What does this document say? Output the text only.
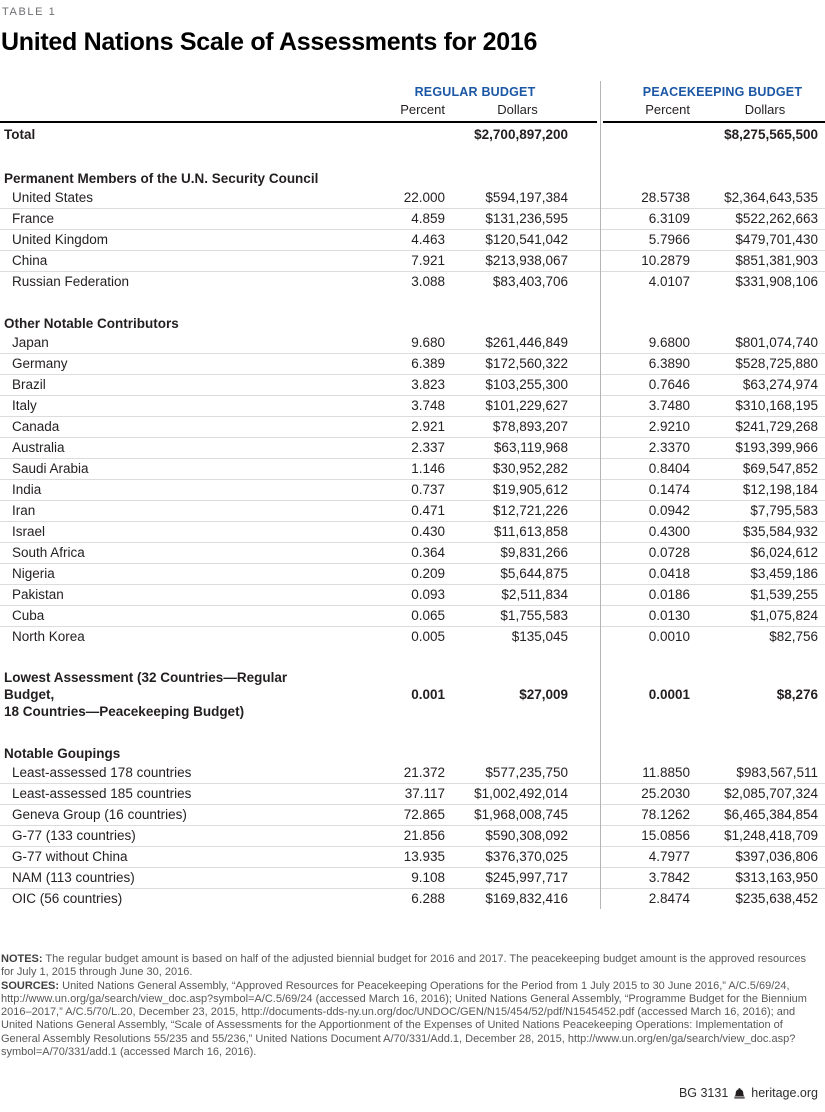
TABLE 1
United Nations Scale of Assessments for 2016
REGULAR BUDGET	PEACEKEEPING BUDGET
Percent	Dollars	Percent	Dollars
Total	$2,700,897,200	$8,275,565,500
Permanent Members of the U.N. Security Council
United States	22.000	$594,197,384	28.5738	$2,364,643,535
France	4.859	$131,236,595	6.3109	$522,262,663
United Kingdom	4.463	$120,541,042	5.7966	$479,701,430
China	7.921	$213,938,067	10.2879	$851,381,903
Russian Federation	3.088	$83,403,706	4.0107	$331,908,106
Other Notable Contributors
Japan	9.680	$261,446,849	9.6800	$801,074,740
Germany	6.389	$172,560,322	6.3890	$528,725,880
Brazil	3.823	$103,255,300	0.7646	$63,274,974
Italy	3.748	$101,229,627	3.7480	$310,168,195
Canada	2.921	$78,893,207	2.9210	$241,729,268
Australia	2.337	$63,119,968	2.3370	$193,399,966
Saudi Arabia	1.146	$30,952,282	0.8404	$69,547,852
India	0.737	$19,905,612	0.1474	$12,198,184
Iran	0.471	$12,721,226	0.0942	$7,795,583
Israel	0.430	$11,613,858	0.4300	$35,584,932
South Africa	0.364	$9,831,266	0.0728	$6,024,612
Nigeria	0.209	$5,644,875	0.0418	$3,459,186
Pakistan	0.093	$2,511,834	0.0186	$1,539,255
Cuba	0.065	$1,755,583	0.0130	$1,075,824
North Korea	0.005	$135,045	0.0010	$82,756
Lowest Assessment (32 Countries—Regular Budget,
18 Countries—Peacekeeping Budget)
0.001	$27,009	0.0001	$8,276
Notable Goupings
Least-assessed 178 countries	21.372	$577,235,750	11.8850	$983,567,511
Least-assessed 185 countries	37.117	$1,002,492,014	25.2030	$2,085,707,324
Geneva Group (16 countries)	72.865	$1,968,008,745	78.1262	$6,465,384,854
G-77 (133 countries)	21.856	$590,308,092	15.0856	$1,248,418,709
G-77 without China	13.935	$376,370,025	4.7977	$397,036,806
NAM (113 countries)	9.108	$245,997,717	3.7842	$313,163,950
OIC (56 countries)	6.288	$169,832,416	2.8474	$235,638,452

NOTES: The regular budget amount is based on half of the adjusted biennial budget for 2016 and 2017. The peacekeeping budget amount is the approved resources for July 1, 2015 through June 30, 2016.

SOURCES: United Nations General Assembly, “Approved Resources for Peacekeeping Operations for the Period from 1 July 2015 to 30 June 2016,” A/C.5/69/24, http://www.un.org/ga/search/view_doc.asp?symbol=A/C.5/69/24 (accessed March 16, 2016); United Nations General Assembly, “Programme Budget for the Biennium 2016–2017,” A/C.5/70/L.20, December 23, 2015, http://documents-dds-ny.un.org/doc/UNDOC/GEN/N15/454/52/pdf/N1545452.pdf (accessed March 16, 2016); and United Nations General Assembly, “Scale of Assessments for the Apportionment of the Expenses of United Nations Peacekeeping Operations: Implementation of General Assembly Resolutions 55/235 and 55/236,” United Nations Document A/70/331/Add.1, December 28, 2015, http://www.un.org/en/ga/search/view_doc.asp?symbol=A/70/331/add.1 (accessed March 16, 2016).

BG 3131 heritage.org
